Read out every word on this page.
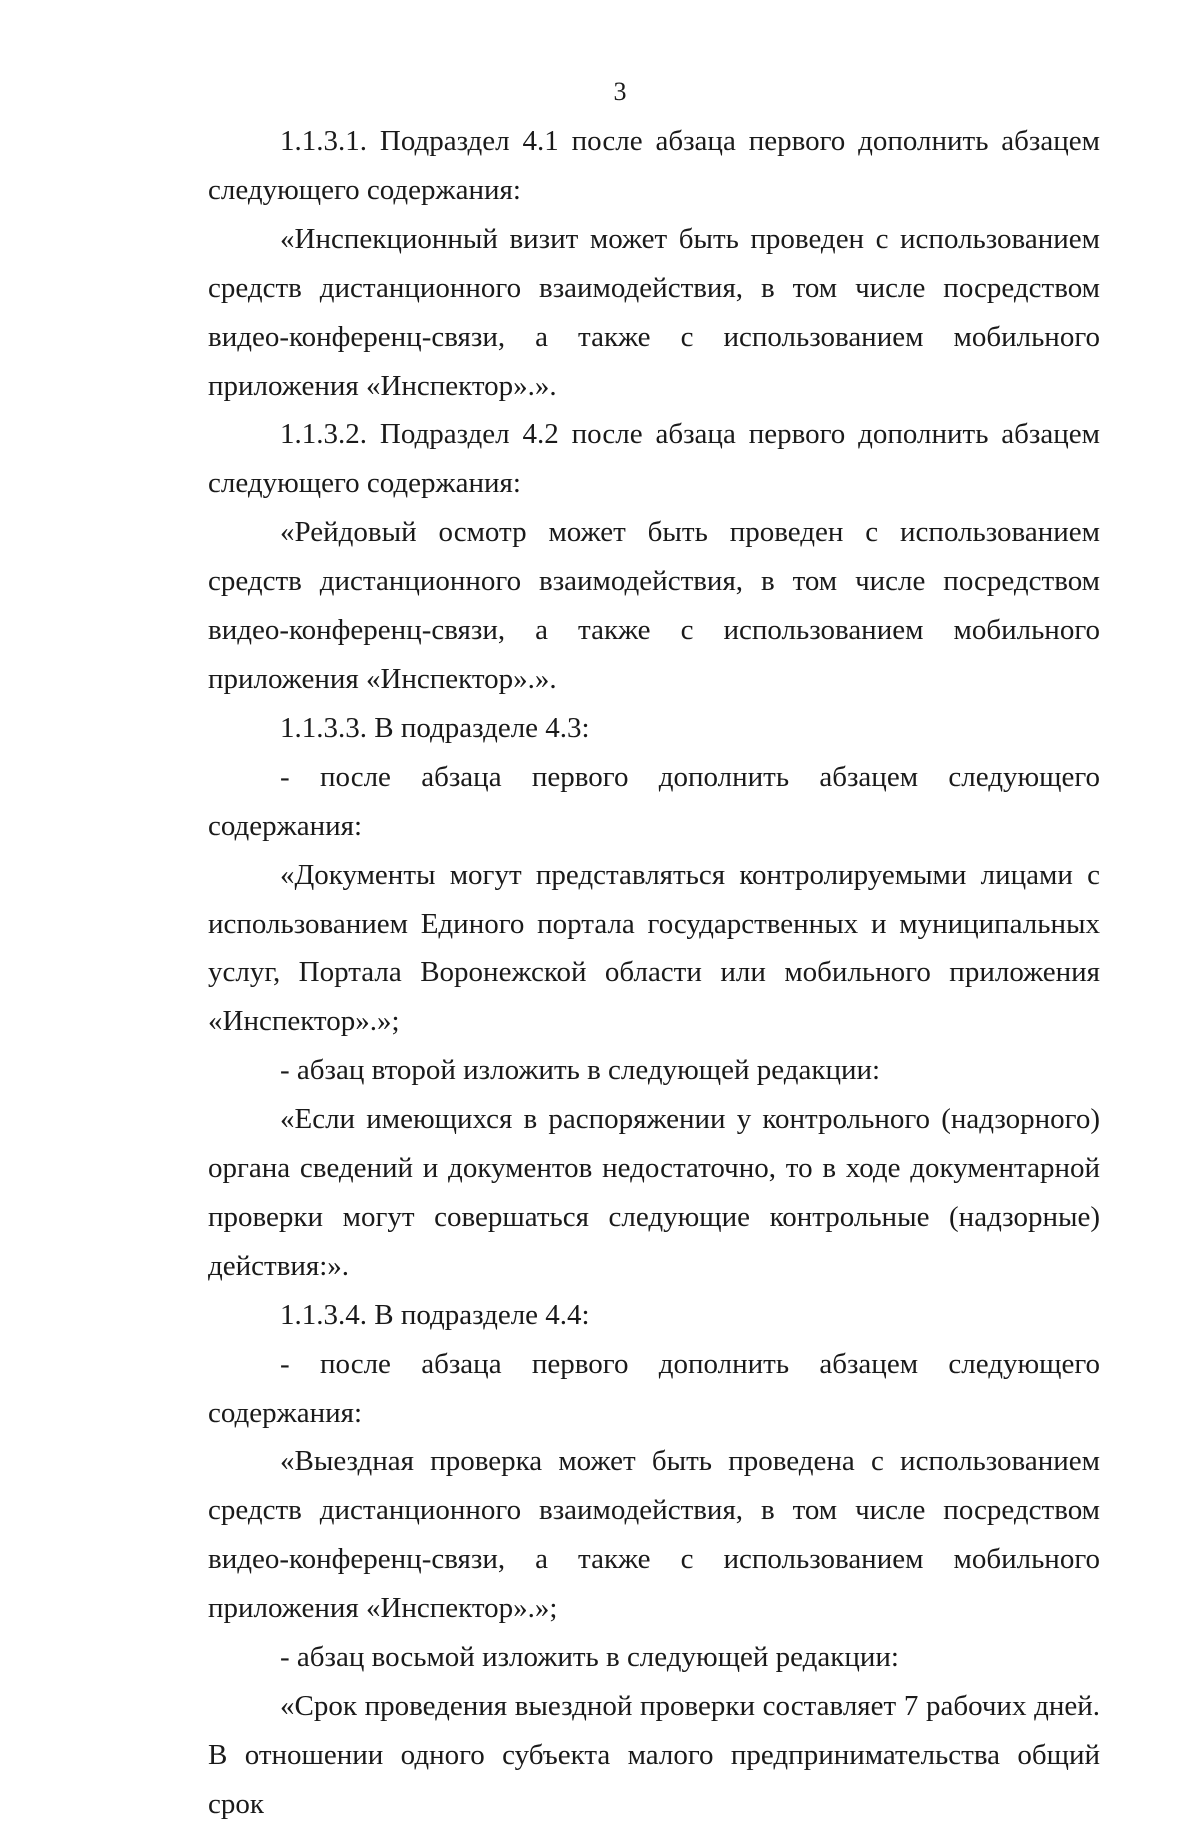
3

1.1.3.1. Подраздел 4.1 после абзаца первого дополнить абзацем следующего содержания:

«Инспекционный визит может быть проведен с использованием средств дистанционного взаимодействия, в том числе посредством видео-конференц-связи, а также с использованием мобильного приложения «Инспектор».».

1.1.3.2. Подраздел 4.2 после абзаца первого дополнить абзацем следующего содержания:

«Рейдовый осмотр может быть проведен с использованием средств дистанционного взаимодействия, в том числе посредством видео-конференц-связи, а также с использованием мобильного приложения «Инспектор».».

1.1.3.3. В подразделе 4.3:

- после абзаца первого дополнить абзацем следующего содержания:

«Документы могут представляться контролируемыми лицами с использованием Единого портала государственных и муниципальных услуг, Портала Воронежской области или мобильного приложения «Инспектор».»;

- абзац второй изложить в следующей редакции:

«Если имеющихся в распоряжении у контрольного (надзорного) органа сведений и документов недостаточно, то в ходе документарной проверки могут совершаться следующие контрольные (надзорные) действия:».

1.1.3.4. В подразделе 4.4:

- после абзаца первого дополнить абзацем следующего содержания:

«Выездная проверка может быть проведена с использованием средств дистанционного взаимодействия, в том числе посредством видео-конференц-связи, а также с использованием мобильного приложения «Инспектор».»;

- абзац восьмой изложить в следующей редакции:

«Срок проведения выездной проверки составляет 7 рабочих дней. В отношении одного субъекта малого предпринимательства общий срок
